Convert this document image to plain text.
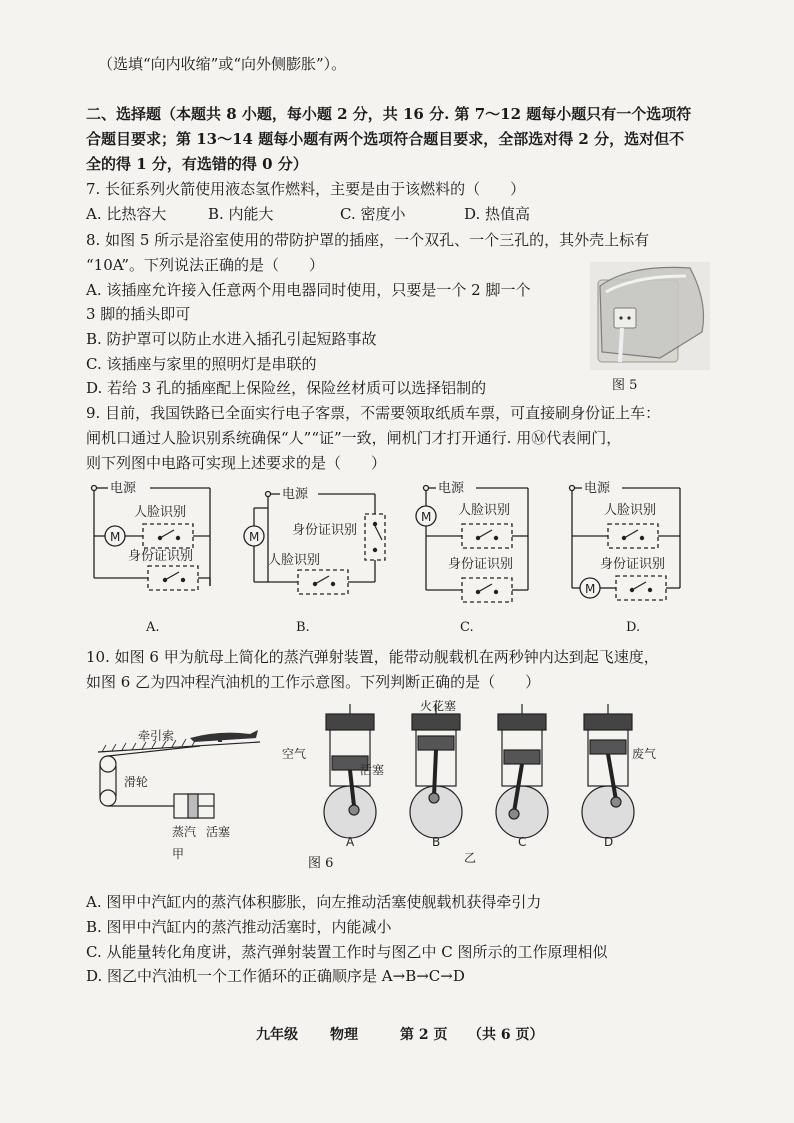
（选填“向内收缩”或“向外侧膨胀”）。
二、选择题（本题共 8 小题，每小题 2 分，共 16 分. 第 7～12 题每小题只有一个选项符
合题目要求；第 13～14 题每小题有两个选项符合题目要求，全部选对得 2 分，选对但不
全的得 1 分，有选错的得 0 分）
7. 长征系列火箭使用液态氢作燃料，主要是由于该燃料的（　　）
A. 比热容大	B. 内能大	C. 密度小	D. 热值高
8. 如图 5 所示是浴室使用的带防护罩的插座，一个双孔、一个三孔的，其外壳上标有
“10A”。下列说法正确的是（　　）
A. 该插座允许接入任意两个用电器同时使用，只要是一个 2 脚一个
3 脚的插头即可
B. 防护罩可以防止水进入插孔引起短路事故
C. 该插座与家里的照明灯是串联的
D. 若给 3 孔的插座配上保险丝，保险丝材质可以选择铝制的	图 5
9. 目前，我国铁路已全面实行电子客票，不需要领取纸质车票，可直接刷身份证上车：
闸机口通过人脸识别系统确保“人”“证”一致，闸机门才打开通行. 用Ⓜ代表闸门，
则下列图中电路可实现上述要求的是（　　）
电源
人脸识别
身份证识别
M
A.
电源
身份证识别
人脸识别
M
B.
电源
人脸识别
身份证识别
M
C.
电源
人脸识别
身份证识别
M
D.
10. 如图 6 甲为航母上简化的蒸汽弹射装置，能带动舰载机在两秒钟内达到起飞速度，
如图 6 乙为四冲程汽油机的工作示意图。下列判断正确的是（　　）
牵引索
滑轮
蒸汽 活塞
甲
火花塞
空气
活塞
废气
A	B	C	D
乙
图 6
A. 图甲中汽缸内的蒸汽体积膨胀，向左推动活塞使舰载机获得牵引力
B. 图甲中汽缸内的蒸汽推动活塞时，内能减小
C. 从能量转化角度讲，蒸汽弹射装置工作时与图乙中 C 图所示的工作原理相似
D. 图乙中汽油机一个工作循环的正确顺序是 A→B→C→D
九年级 物理	第 2 页 （共 6 页）
